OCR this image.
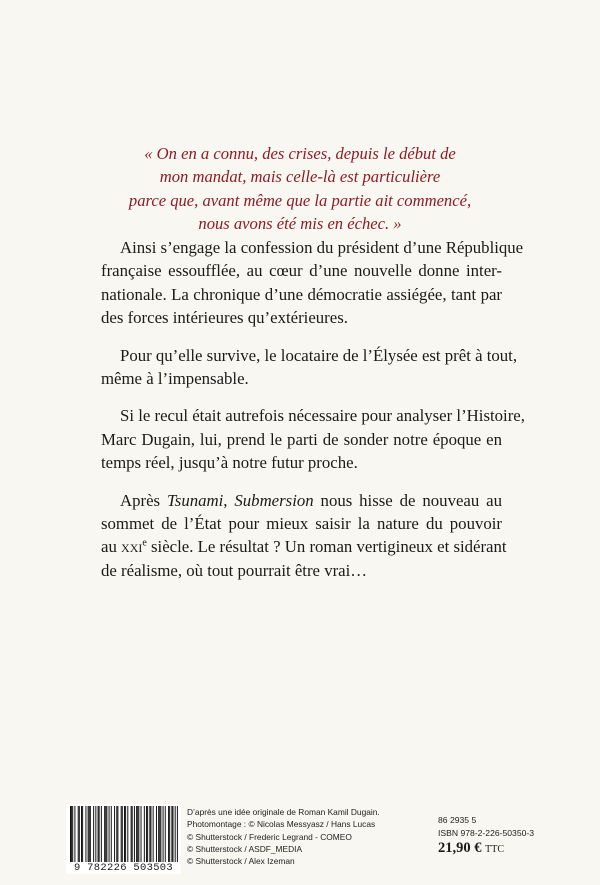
« On en a connu, des crises, depuis le début de
mon mandat, mais celle-là est particulière
parce que, avant même que la partie ait commencé,
nous avons été mis en échec. »

Ainsi s’engage la confession du président d’une République
française essoufflée, au cœur d’une nouvelle donne inter-
nationale. La chronique d’une démocratie assiégée, tant par
des forces intérieures qu’extérieures.

Pour qu’elle survive, le locataire de l’Élysée est prêt à tout,
même à l’impensable.

Si le recul était autrefois nécessaire pour analyser l’Histoire,
Marc Dugain, lui, prend le parti de sonder notre époque en
temps réel, jusqu’à notre futur proche.

Après Tsunami, Submersion nous hisse de nouveau au
sommet de l’État pour mieux saisir la nature du pouvoir
au xxi$^e$ siècle. Le résultat ? Un roman vertigineux et sidérant
de réalisme, où tout pourrait être vrai…

9 782226 503503
D’après une idée originale de Roman Kamil Dugain.
Photomontage : © Nicolas Messyasz / Hans Lucas
© Shutterstock / Frederic Legrand - COMEO
© Shutterstock / ASDF_MEDIA
© Shutterstock / Alex Izeman
86 2935 5
ISBN 978-2-226-50350-3
21,90 € TTC
